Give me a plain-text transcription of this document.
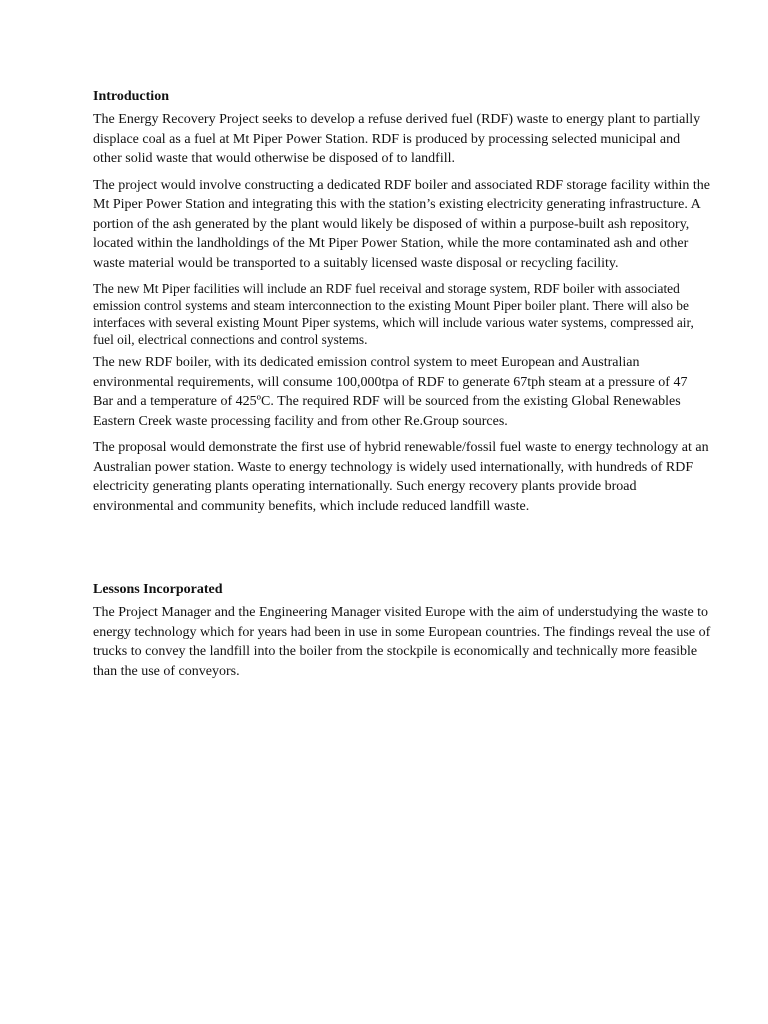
Introduction

The Energy Recovery Project seeks to develop a refuse derived fuel (RDF) waste to energy plant to partially displace coal as a fuel at Mt Piper Power Station. RDF is produced by processing selected municipal and other solid waste that would otherwise be disposed of to landfill.

The project would involve constructing a dedicated RDF boiler and associated RDF storage facility within the Mt Piper Power Station and integrating this with the station’s existing electricity generating infrastructure. A portion of the ash generated by the plant would likely be disposed of within a purpose-built ash repository, located within the landholdings of the Mt Piper Power Station, while the more contaminated ash and other waste material would be transported to a suitably licensed waste disposal or recycling facility.

The new Mt Piper facilities will include an RDF fuel receival and storage system, RDF boiler with associated emission control systems and steam interconnection to the existing Mount Piper boiler plant. There will also be interfaces with several existing Mount Piper systems, which will include various water systems, compressed air, fuel oil, electrical connections and control systems.

The new RDF boiler, with its dedicated emission control system to meet European and Australian environmental requirements, will consume 100,000tpa of RDF to generate 67tph steam at a pressure of 47 Bar and a temperature of 425ºC. The required RDF will be sourced from the existing Global Renewables Eastern Creek waste processing facility and from other Re.Group sources.

The proposal would demonstrate the first use of hybrid renewable/fossil fuel waste to energy technology at an Australian power station. Waste to energy technology is widely used internationally, with hundreds of RDF electricity generating plants operating internationally. Such energy recovery plants provide broad environmental and community benefits, which include reduced landfill waste.

Lessons Incorporated

The Project Manager and the Engineering Manager visited Europe with the aim of understudying the waste to energy technology which for years had been in use in some European countries. The findings reveal the use of trucks to convey the landfill into the boiler from the stockpile is economically and technically more feasible than the use of conveyors.
